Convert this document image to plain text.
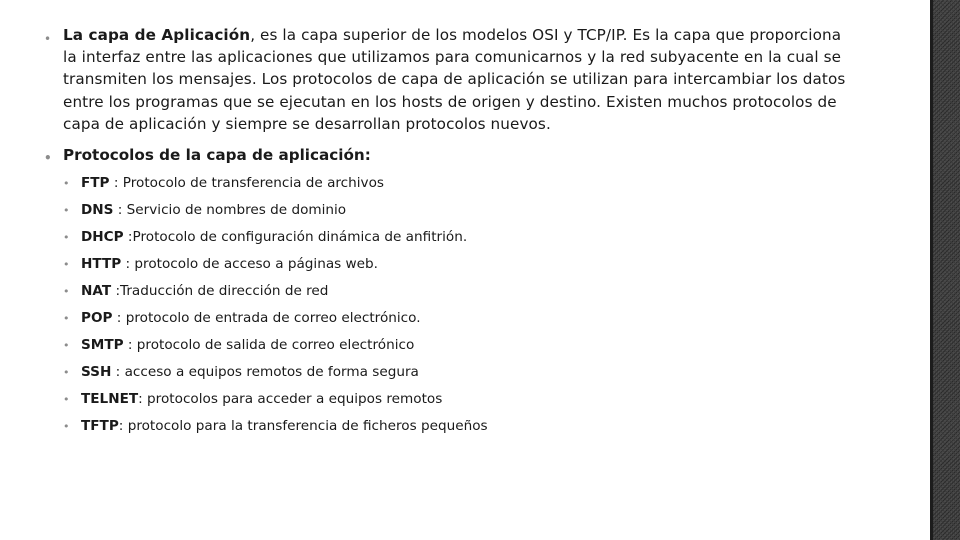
• La capa de Aplicación, es la capa superior de los modelos OSI y TCP/IP. Es la capa que proporciona la interfaz entre las aplicaciones que utilizamos para comunicarnos y la red subyacente en la cual se transmiten los mensajes. Los protocolos de capa de aplicación se utilizan para intercambiar los datos entre los programas que se ejecutan en los hosts de origen y destino. Existen muchos protocolos de capa de aplicación y siempre se desarrollan protocolos nuevos.
• Protocolos de la capa de aplicación:
• FTP : Protocolo de transferencia de archivos
• DNS : Servicio de nombres de dominio
• DHCP :Protocolo de configuración dinámica de anfitrión.
• HTTP : protocolo de acceso a páginas web.
• NAT :Traducción de dirección de red
• POP : protocolo de entrada de correo electrónico.
• SMTP : protocolo de salida de correo electrónico
• SSH : acceso a equipos remotos de forma segura
• TELNET: protocolos para acceder a equipos remotos
• TFTP: protocolo para la transferencia de ficheros pequeños
